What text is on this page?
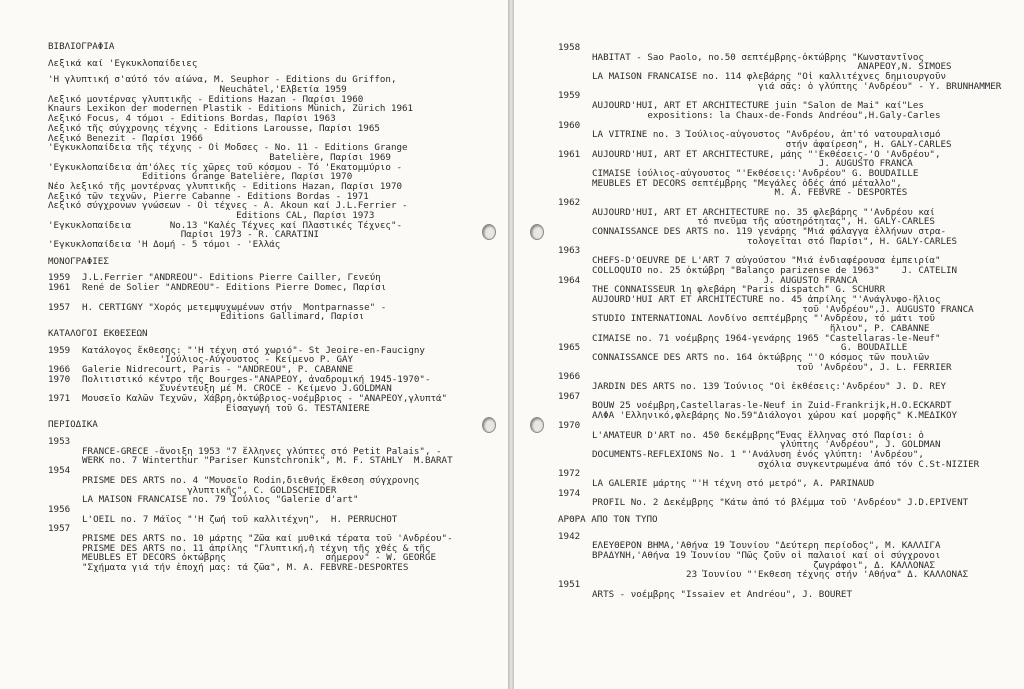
ΒΙΒΛΙΟΓΡΑΦΙΑ
Λεξικά καί 'Εγκυκλοπαίδειες
'Η γλυπτική σ'αύτό τόν αίώνα, M. Seuphor - Editions du Griffon,
Neuchâtel,'Ελβετία 1959
Λεξικό μοντέρνας γλυπτικῆς - Editions Hazan - Παρίσι 1960
Knaurs Lexikon der modernen Plastik - Editions Münich, Zürich 1961
Λεξικό Focus, 4 τόμοι - Editions Bordas, Παρίσι 1963
Λεξικό τῆς σύγχρονης τέχνης - Editions Larousse, Παρίσι 1965
Λεξικό Benezit - Παρίσι 1966
'Εγκυκλοπαίδεια τῆς τέχνης - Οἱ Μοδσες - No. 11 - Editions Grange
Batelière, Παρίσι 1969
'Εγκυκλοπαίδεια ἀπ'όλες τίς χῶρες τοῦ κόσμου - Τό 'Εκατομμύριο -
Editions Grange Batelière, Παρίσι 1970
Νέο λεξικό τῆς μοντέρνας γλυπτικῆς - Editions Hazan, Παρίσι 1970
Λεξικό τῶν τεχνῶν, Pierre Cabanne - Editions Bordas - 1971
Λεξικό σύγχρονων γνώσεων - Οἱ τέχνες - A. Akoun καί J.L.Ferrier -
Editions CAL, Παρίσι 1973
'Εγκυκλοπαίδεια       No.13 "Καλές Τέχνες καί Πλαστικές Τέχνες"-
Παρίσι 1973 - R. CARATINI
'Εγκυκλοπαίδεια 'Η Δομή - 5 τόμοι - 'Ελλάς
ΜΟΝΟΓΡΑΦΙΕΣ
1959 J.L.Ferrier "ANDREOU"- Editions Pierre Cailler, Γενεύη
1961 René de Solier "ANDREOU"- Editions Pierre Domec, Παρίσι
1957 H. CERTIGNY "Χορός μετεμψυχωμένων στήν  Montparnasse" -
Editions Gallimard, Παρίσι
ΚΑΤΑΛΟΓΟΙ ΕΚΘΕΣΕΩΝ
1959 Κατάλογος ἔκθεσης: "'Η τέχνη στό χωριό"- St Jeoire-en-Faucigny
'Ιούλιος-Αύγουστος - Κείμενο P. GAY
1966 Galerie Nidrecourt, Paris - "ANDREOU", P. CABANNE
1970 Πολιτιστικό κέντρο τῆς Bourges-"ANAPEOY, ἀναδρομική 1945-1970"-
Συνέντευξη μέ M. CROCE - Κείμενο J.GOLDMAN
1971 Μουσεῖο Καλῶν Τεχνῶν, Χάβρη,ὀκτώβριος-νοέμβριος - "ANAPEOY,γλυπτά"
Εἰσαγωγή τοῦ G. TESTANIERE
ΠΕΡΙΟΔΙΚΑ
1953
FRANCE-GRECE -ἄνοιξη 1953 "7 ἕλληνες γλύπτες στό Petit Palais", -
WERK no. 7 Winterthur "Pariser Kunstchronik", M. F. STAHLY  M.BARAT
1954
PRISME DES ARTS no. 4 "Μουσεῖο Rodin,διεθνής ἔκθεση σύγχρονης
γλυπτικῆς", C. GOLDSCHEIDER
LA MAISON FRANCAISE no. 79 Ἰούλιος "Galerie d'art"
1956
L'OEIL no. 7 Μάϊος "'Η ζωή τοῦ καλλιτέχνη",  H. PERRUCHOT
1957
PRISME DES ARTS no. 10 μάρτης "Ζῶα καί μυθικά τέρατα τοῦ 'Ανδρέου"-
PRISME DES ARTS no. 11 ἀπρίλης "Γλυπτική,ἡ τέχνη τῆς χθές & τῆς
MEUBLES ET DECORS ὀκτώβρης                  σήμερον" - W. GEORGE
"Σχήματα γιά τήν ἐποχή μας: τά ζῶα", M. A. FEBVRE-DESPORTES
1958
HABITAT - Sao Paolo, no.50 σεπτέμβρης-ὀκτώβρης "Κωνσταντῖνος
ANAPEOY,N. SIMOES
LA MAISON FRANCAISE no. 114 φλεβάρης "Οἱ καλλιτέχνες δημιουργοῦν
γιά σᾶς: ὁ γλύπτης 'Ανδρέου" - Y. BRUNHAMMER
1959
AUJOURD'HUI, ART ET ARCHITECTURE juin "Salon de Mai" καί"Les
expositions: la Chaux-de-Fonds Andréou",H.Galy-Carles
1960
LA VITRINE no. 3 Ἰούλιος-αὐγουστος "Ανδρέου, ἀπ'τό νατουραλισμό
στήν ἀφαίρεση", H. GALY-CARLES
1961 AUJOURD'HUI, ART ET ARCHITECTURE, μάης "'Εκθέσεις-'Ο 'Ανδρέου",
J. AUGUSTO FRANCA
CIMAISE ἰούλιος-αὐγουστος "'Εκθέσεις:'Ανδρέου" G. BOUDAILLE
MEUBLES ET DECORS σεπτέμβρης "Μεγάλες ὁδές ἀπό μέταλλο",
M. A. FEBVRE - DESPORTES
1962
AUJOURD'HUI, ART ET ARCHITECTURE no. 35 φλεβάρης "'Ανδρέου καί
τό πνεῦμα τῆς αὐστηρότητας", H. GALY-CARLES
CONNAISSANCE DES ARTS no. 119 γενάρης "Μιά φάλαγγα ἑλλήνων στρα-
τολογεῖται στό Παρίσι", H. GALY-CARLES
1963
CHEFS-D'OEUVRE DE L'ART 7 αὐγούστου "Μιά ἐνδιαφέρουσα ἐμπειρία"
COLLOQUIO no. 25 ὀκτώβρη "Balanço parizense de 1963"    J. CATELIN
1964                               J. AUGUSTO FRANCA
THE CONNAISSEUR 1η φλεβάρη "Paris dispatch" G. SCHURR
AUJOURD'HUI ART ET ARCHITECTURE no. 45 ἀπρίλης "'Ανάγλυφο-ἥλιος
τοῦ 'Ανδρέου",J. AUGUSTO FRANCA
STUDIO INTERNATIONAL Λονδίνο σεπτέμβρης "'Ανδρέου, τό μάτι τοῦ
ἥλιου", P. CABANNE
CIMAISE no. 71 νοέμβρης 1964-γενάρης 1965 "Castellaras-le-Neuf"
1965                                             G. BOUDAILLE
CONNAISSANCE DES ARTS no. 164 ὀκτώβρης "'Ο κόσμος τῶν πουλιῶν
τοῦ 'Ανδρέου", J. L. FERRIER
1966
JARDIN DES ARTS no. 139 Ἰούνιος "Οἱ ἐκθέσεις:'Ανδρέου" J. D. REY
1967
BOUW 25 νοέμβρη,Castellaras-le-Neuf in Zuid-Frankrijk,H.O.ECKARDT
ΑΛΦΑ 'Ελληνικό,φλεβάρης No.59"Διάλογοι χώρου καί μορφῆς" K.ΜΕΔΙΚΟΥ
1970
L'AMATEUR D'ART no. 450 δεκέμβρης"Ἕνας ἕλληνας στό Παρίσι: ὁ
γλύπτης 'Ανδρέου", J. GOLDMAN
DOCUMENTS-REFLEXIONS No. 1 "'Ανάλυση ἑνός γλύπτη: 'Ανδρέου",
σχόλια συγκεντρωμένα ἀπό τόν C.St-NIZIER
1972
LA GALERIE μάρτης "'Η τέχνη στό μετρό", A. PARINAUD
1974
PROFIL No. 2 Δεκέμβρης "Κάτω ἀπό τό βλέμμα τοῦ 'Ανδρέου" J.D.EPIVENT
ΑΡΘΡΑ ΑΠΟ ΤΟΝ ΤΥΠΟ
1942
ΕΛΕΥΘΕΡΟΝ ΒΗΜΑ,'Αθήνα 19 Ἰουνίου "Δεύτερη περίοδος", M. ΚΑΛΛΙΓΑ
ΒΡΑΔΥΝΗ,'Αθήνα 19 Ἰουνίου "Πῶς ζοῦν οἱ παλαιοί καί οἱ σύγχρονοι
ζωγράφοι", Δ. ΚΑΛΛΟΝΑΣ
23 Ἰουνίου "'Εκθεση τέχνης στήν 'Αθήνα" Δ. ΚΑΛΛΟΝΑΣ
1951
ARTS - νοέμβρης "Issaiev et Andréou", J. BOURET
